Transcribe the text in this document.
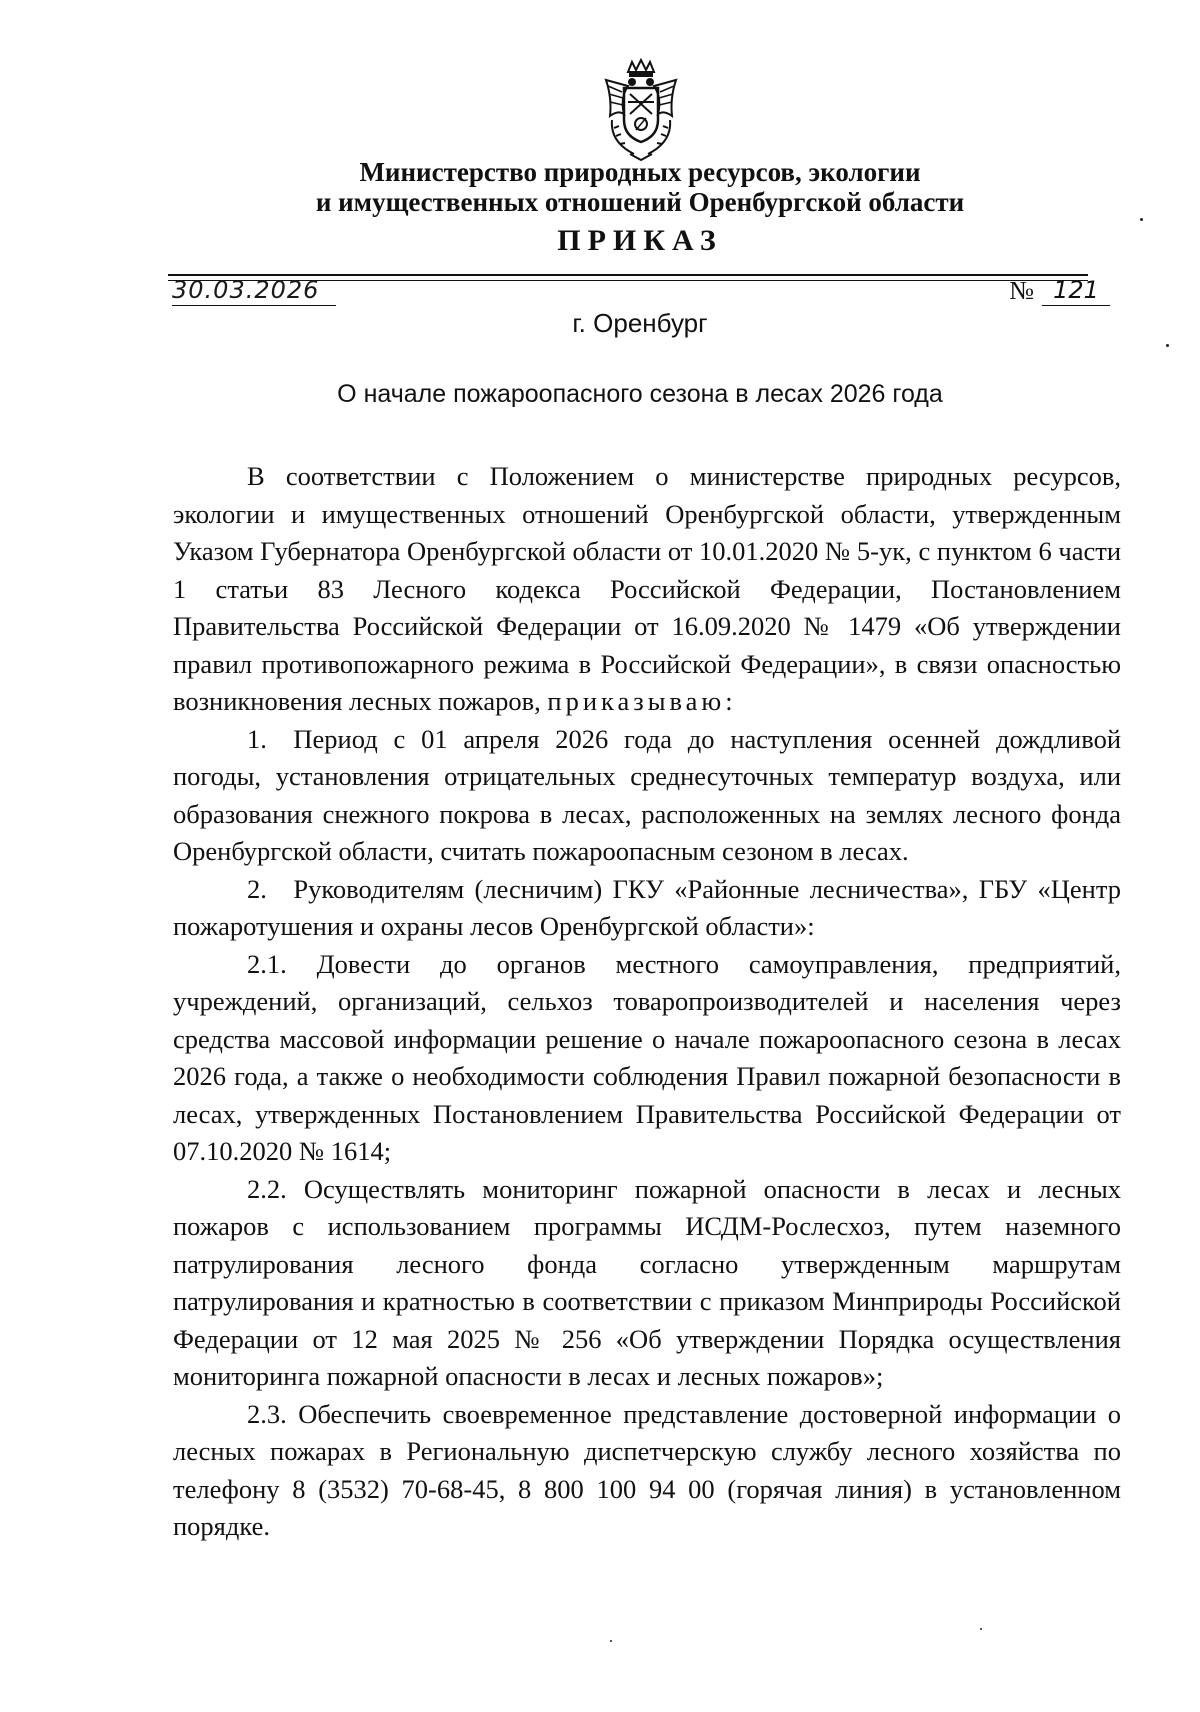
Министерство природных ресурсов, экологии
и имущественных отношений Оренбургской области
ПРИКАЗ
30.03.2026	№ 121
г. Оренбург
О начале пожароопасного сезона в лесах 2026 года

В соответствии с Положением о министерстве природных ресурсов, экологии и имущественных отношений Оренбургской области, утвержденным Указом Губернатора Оренбургской области от 10.01.2020 № 5-ук, с пунктом 6 части 1 статьи 83 Лесного кодекса Российской Федерации, Постановлением Правительства Российской Федерации от 16.09.2020 № 1479 «Об утверждении правил противопожарного режима в Российской Федерации», в связи опасностью возникновения лесных пожаров, приказываю:

1. Период с 01 апреля 2026 года до наступления осенней дождливой погоды, установления отрицательных среднесуточных температур воздуха, или образования снежного покрова в лесах, расположенных на землях лесного фонда Оренбургской области, считать пожароопасным сезоном в лесах.

2. Руководителям (лесничим) ГКУ «Районные лесничества», ГБУ «Центр пожаротушения и охраны лесов Оренбургской области»:

2.1. Довести до органов местного самоуправления, предприятий, учреждений, организаций, сельхоз товаропроизводителей и населения через средства массовой информации решение о начале пожароопасного сезона в лесах 2026 года, а также о необходимости соблюдения Правил пожарной безопасности в лесах, утвержденных Постановлением Правительства Российской Федерации от 07.10.2020 № 1614;

2.2. Осуществлять мониторинг пожарной опасности в лесах и лесных пожаров с использованием программы ИСДМ-Рослесхоз, путем наземного патрулирования лесного фонда согласно утвержденным маршрутам патрулирования и кратностью в соответствии с приказом Минприроды Российской Федерации от 12 мая 2025 № 256 «Об утверждении Порядка осуществления мониторинга пожарной опасности в лесах и лесных пожаров»;

2.3. Обеспечить своевременное представление достоверной информации о лесных пожарах в Региональную диспетчерскую службу лесного хозяйства по телефону 8 (3532) 70-68-45, 8 800 100 94 00 (горячая линия) в установленном порядке.
